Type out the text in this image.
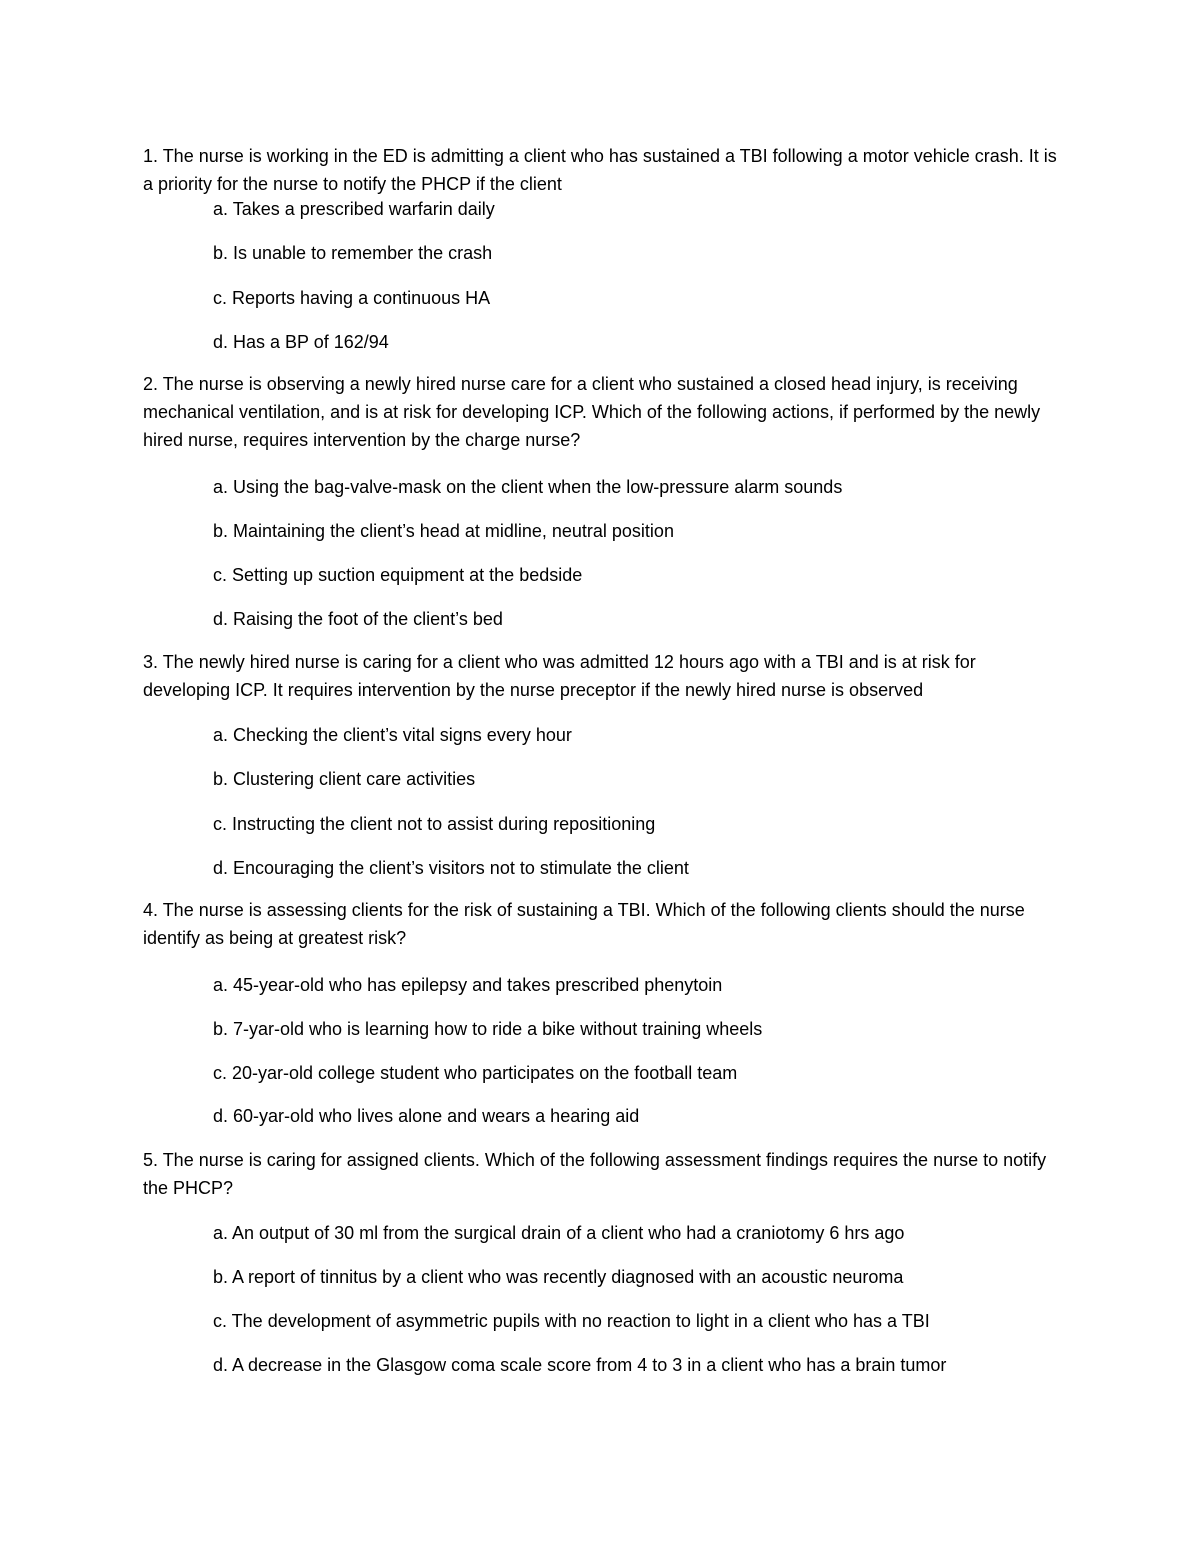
1. The nurse is working in the ED is admitting a client who has sustained a TBI following a motor vehicle crash. It is a priority for the nurse to notify the PHCP if the client

a. Takes a prescribed warfarin daily
b. Is unable to remember the crash
c. Reports having a continuous HA
d. Has a BP of 162/94

2. The nurse is observing a newly hired nurse care for a client who sustained a closed head injury, is receiving mechanical ventilation, and is at risk for developing ICP. Which of the following actions, if performed by the newly hired nurse, requires intervention by the charge nurse?

a. Using the bag-valve-mask on the client when the low-pressure alarm sounds
b. Maintaining the client’s head at midline, neutral position
c. Setting up suction equipment at the bedside
d. Raising the foot of the client’s bed

3. The newly hired nurse is caring for a client who was admitted 12 hours ago with a TBI and is at risk for developing ICP. It requires intervention by the nurse preceptor if the newly hired nurse is observed

a. Checking the client’s vital signs every hour
b. Clustering client care activities
c. Instructing the client not to assist during repositioning
d. Encouraging the client’s visitors not to stimulate the client

4. The nurse is assessing clients for the risk of sustaining a TBI. Which of the following clients should the nurse identify as being at greatest risk?

a. 45-year-old who has epilepsy and takes prescribed phenytoin
b. 7-yar-old who is learning how to ride a bike without training wheels
c. 20-yar-old college student who participates on the football team
d. 60-yar-old who lives alone and wears a hearing aid

5. The nurse is caring for assigned clients. Which of the following assessment findings requires the nurse to notify the PHCP?

a. An output of 30 ml from the surgical drain of a client who had a craniotomy 6 hrs ago
b. A report of tinnitus by a client who was recently diagnosed with an acoustic neuroma
c. The development of asymmetric pupils with no reaction to light in a client who has a TBI
d. A decrease in the Glasgow coma scale score from 4 to 3 in a client who has a brain tumor
